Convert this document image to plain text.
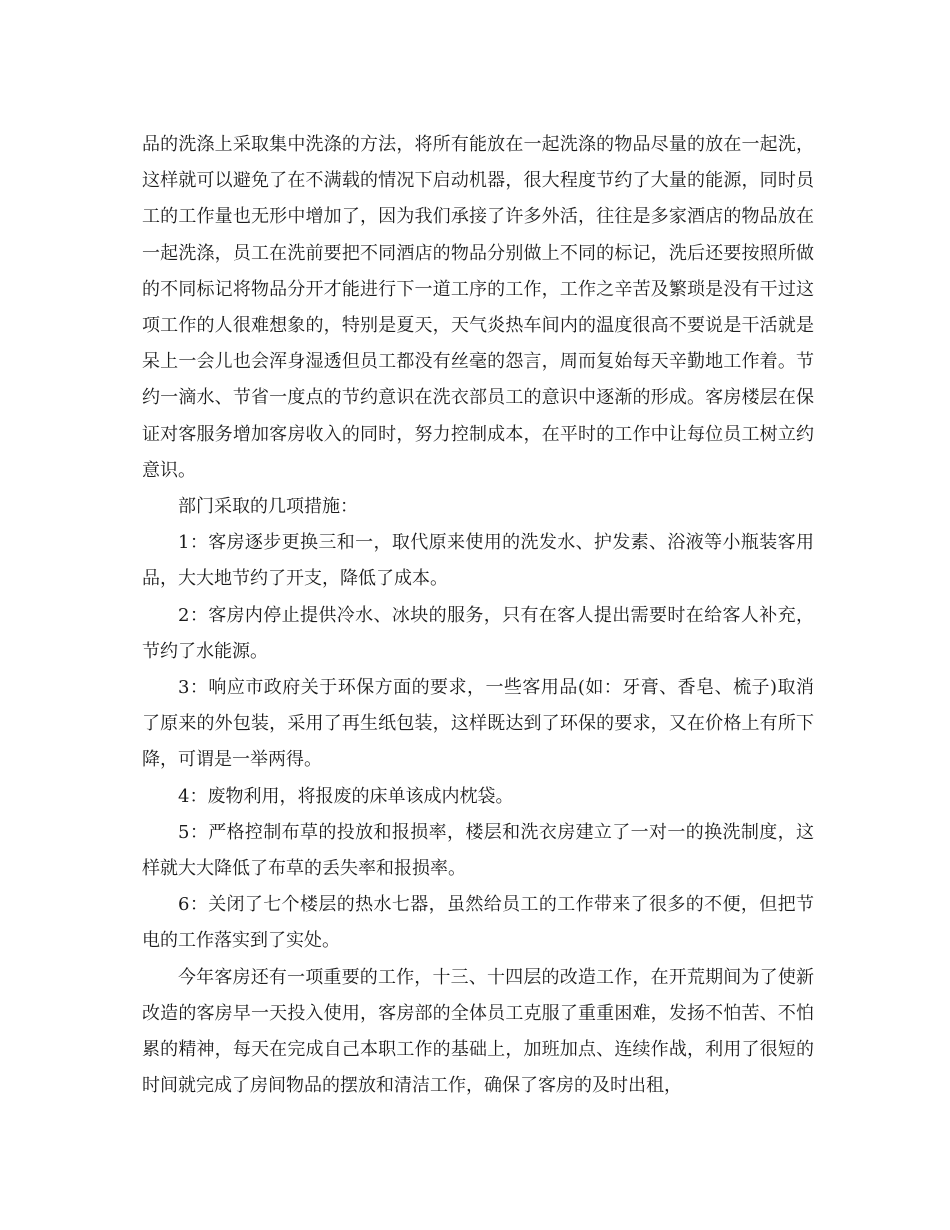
品的洗涤上采取集中洗涤的方法，将所有能放在一起洗涤的物品尽量的放在一起洗，这样就可以避免了在不满载的情况下启动机器，很大程度节约了大量的能源，同时员工的工作量也无形中增加了，因为我们承接了许多外活，往往是多家酒店的物品放在一起洗涤，员工在洗前要把不同酒店的物品分别做上不同的标记，洗后还要按照所做的不同标记将物品分开才能进行下一道工序的工作，工作之辛苦及繁琐是没有干过这项工作的人很难想象的，特别是夏天，天气炎热车间内的温度很高不要说是干活就是呆上一会儿也会浑身湿透但员工都没有丝毫的怨言，周而复始每天辛勤地工作着。节约一滴水、节省一度点的节约意识在洗衣部员工的意识中逐渐的形成。客房楼层在保证对客服务增加客房收入的同时，努力控制成本，在平时的工作中让每位员工树立约意识。

部门采取的几项措施：

1：客房逐步更换三和一，取代原来使用的洗发水、护发素、浴液等小瓶装客用品，大大地节约了开支，降低了成本。

2：客房内停止提供冷水、冰块的服务，只有在客人提出需要时在给客人补充，节约了水能源。

3：响应市政府关于环保方面的要求，一些客用品(如：牙膏、香皂、梳子)取消了原来的外包装，采用了再生纸包装，这样既达到了环保的要求，又在价格上有所下降，可谓是一举两得。

4：废物利用，将报废的床单该成内枕袋。

5：严格控制布草的投放和报损率，楼层和洗衣房建立了一对一的换洗制度，这样就大大降低了布草的丢失率和报损率。

6：关闭了七个楼层的热水七器，虽然给员工的工作带来了很多的不便，但把节电的工作落实到了实处。

今年客房还有一项重要的工作，十三、十四层的改造工作，在开荒期间为了使新改造的客房早一天投入使用，客房部的全体员工克服了重重困难，发扬不怕苦、不怕累的精神，每天在完成自己本职工作的基础上，加班加点、连续作战，利用了很短的时间就完成了房间物品的摆放和清洁工作，确保了客房的及时出租，
